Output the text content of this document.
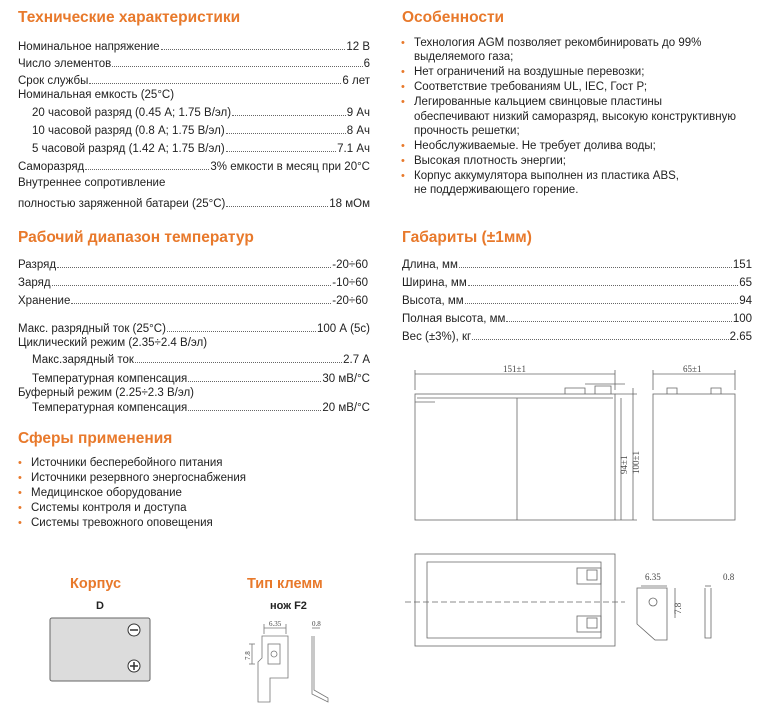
Технические характеристики
Номинальное напряжение	12 В
Число элементов	6
Срок службы	6 лет
Номинальная емкость (25°C)
20 часовой разряд (0.45 А; 1.75 В/эл)	9 Ач
10 часовой разряд (0.8 А; 1.75 В/эл)	8 Ач
5 часовой разряд (1.42 А; 1.75 В/эл)	7.1 Ач
Саморазряд	3% емкости в месяц при 20°C
Внутреннее сопротивление
полностью заряженной батареи (25°C)	18 мОм
Рабочий диапазон температур
Разряд	-20÷60
Заряд	-10÷60
Хранение	-20÷60
Макс. разрядный ток (25°C)	100 А (5с)
Циклический режим (2.35÷2.4 В/эл)
Макс.зарядный ток	2.7 А
Температурная компенсация	30 мВ/°C
Буферный режим (2.25÷2.3 В/эл)
Температурная компенсация	20 мВ/°C
Сферы применения
• Источники бесперебойного питания
• Источники резервного энергоснабжения
• Медицинское оборудование
• Системы контроля и доступа
• Системы тревожного оповещения
Корпус
D
Тип клемм
нож F2
6.35	0.8
7.8
Особенности
• Технология AGM позволяет рекомбинировать до 99%
выделяемого газа;
• Нет ограничений на воздушные перевозки;
• Соответствие требованиям UL, IEC, Гост Р;
• Легированные кальцием свинцовые пластины
обеспечивают низкий саморазряд, высокую конструктивную
прочность решетки;
• Необслуживаемые. Не требует долива воды;
• Высокая плотность энергии;
• Корпус аккумулятора выполнен из пластика ABS,
не поддерживающего горение.
Габариты (±1мм)
Длина, мм	151
Ширина, мм	65
Высота, мм	94
Полная высота, мм	100
Вес (±3%), кг	2.65
151±1	65±1
94±1 100±1
6.35	0.8
7.8
